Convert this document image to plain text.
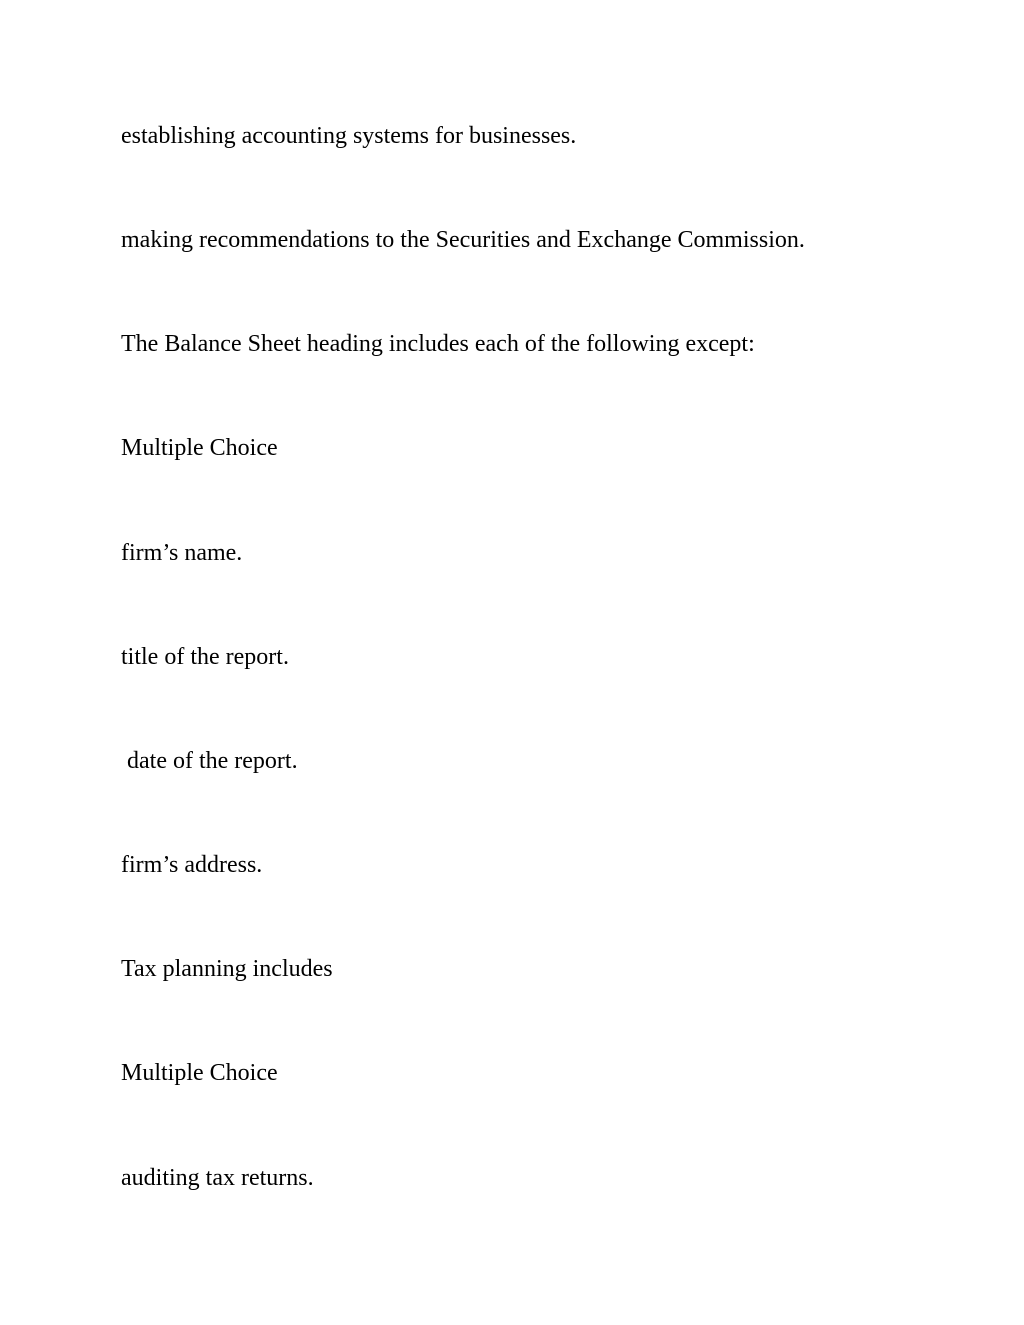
establishing accounting systems for businesses.

making recommendations to the Securities and Exchange Commission.

The Balance Sheet heading includes each of the following except:

Multiple Choice

firm’s name.

title of the report.

date of the report.

firm’s address.

Tax planning includes

Multiple Choice

auditing tax returns.
